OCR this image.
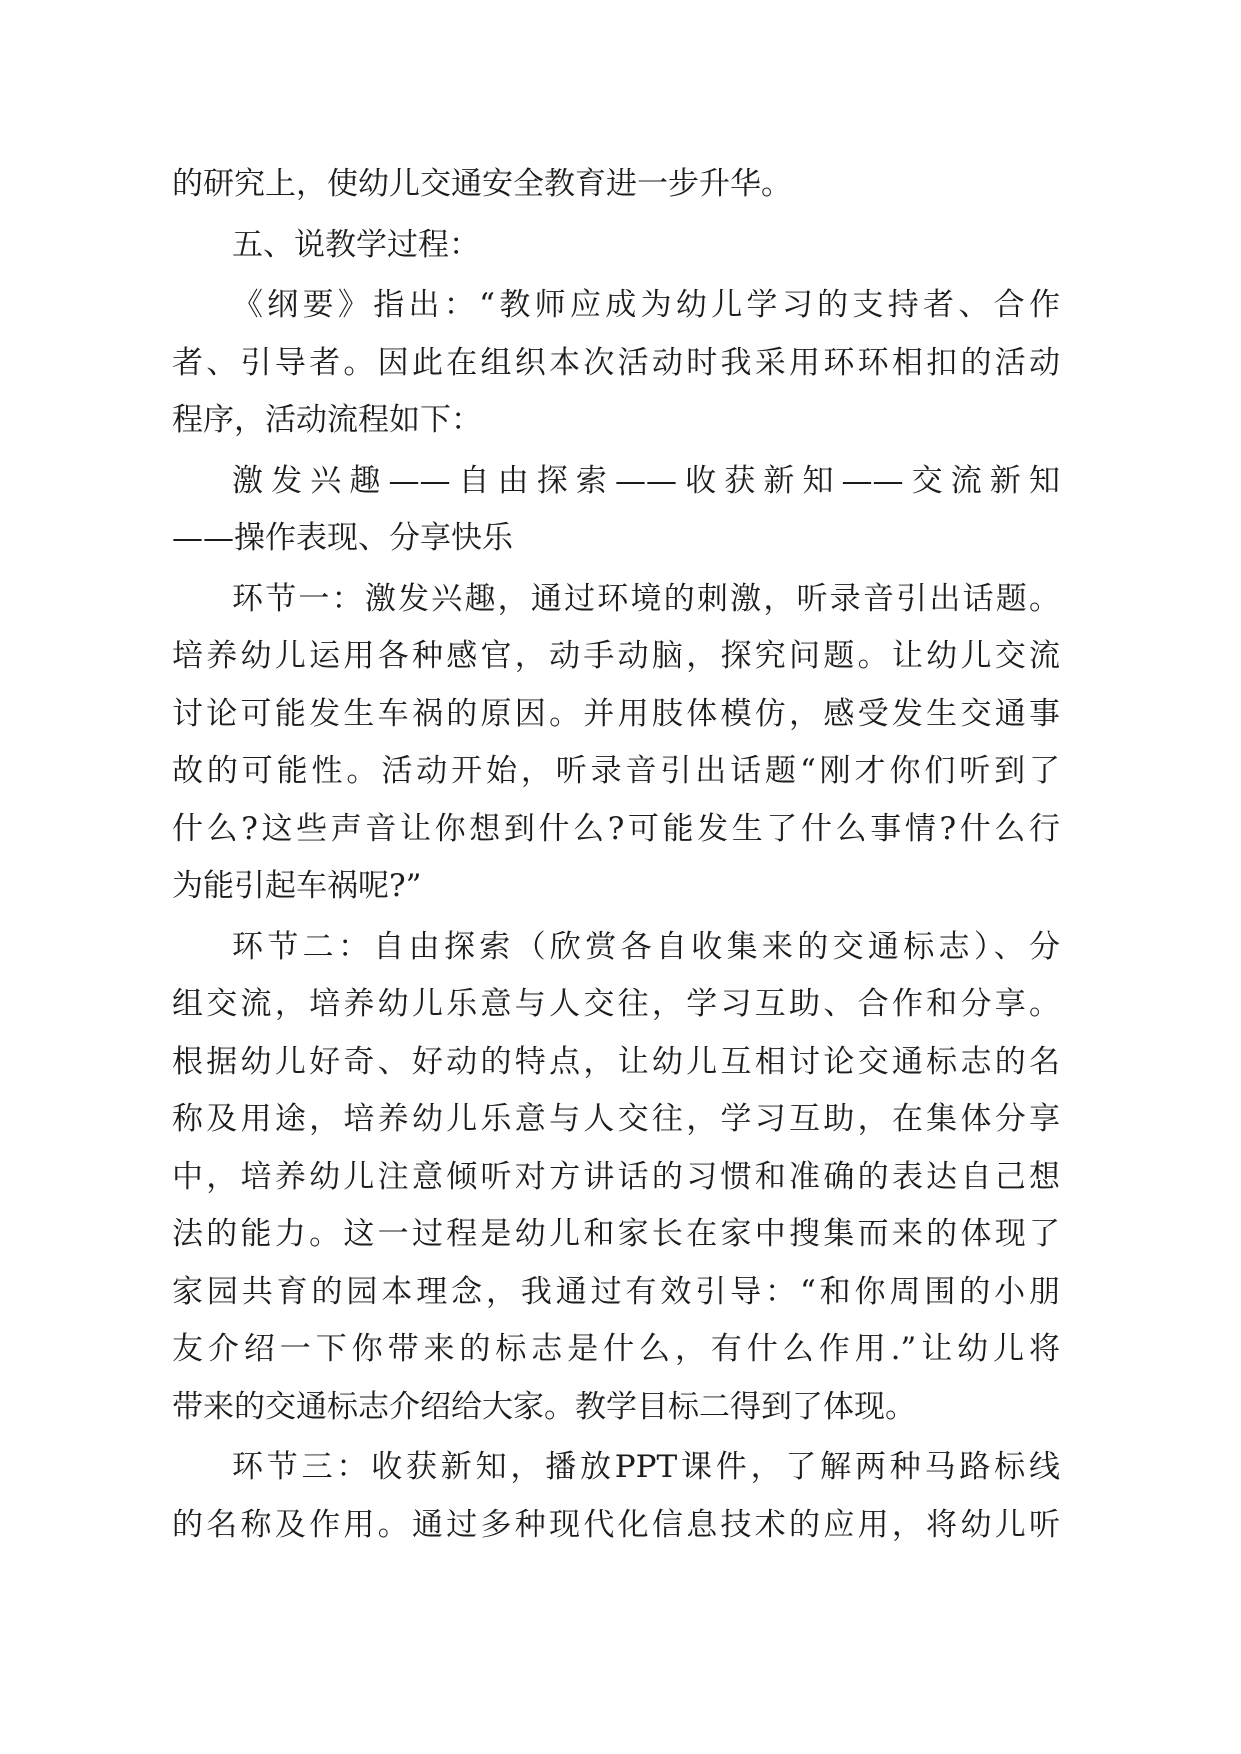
的研究上，使幼儿交通安全教育进一步升华。
五、说教学过程：
《纲要》指出：“教师应成为幼儿学习的支持者、合作
者、引导者。因此在组织本次活动时我采用环环相扣的活动
程序，活动流程如下：
激发兴趣——自由探索——收获新知——交流新知
——操作表现、分享快乐
环节一：激发兴趣，通过环境的刺激，听录音引出话题。
培养幼儿运用各种感官，动手动脑，探究问题。让幼儿交流
讨论可能发生车祸的原因。并用肢体模仿，感受发生交通事
故的可能性。活动开始，听录音引出话题“刚才你们听到了
什么?这些声音让你想到什么?可能发生了什么事情?什么行
为能引起车祸呢?”
环节二：自由探索（欣赏各自收集来的交通标志）、分
组交流，培养幼儿乐意与人交往，学习互助、合作和分享。
根据幼儿好奇、好动的特点，让幼儿互相讨论交通标志的名
称及用途，培养幼儿乐意与人交往，学习互助，在集体分享
中，培养幼儿注意倾听对方讲话的习惯和准确的表达自己想
法的能力。这一过程是幼儿和家长在家中搜集而来的体现了
家园共育的园本理念，我通过有效引导：“和你周围的小朋
友介绍一下你带来的标志是什么，有什么作用.”让幼儿将
带来的交通标志介绍给大家。教学目标二得到了体现。
环节三：收获新知，播放PPT课件，了解两种马路标线
的名称及作用。通过多种现代化信息技术的应用，将幼儿听
